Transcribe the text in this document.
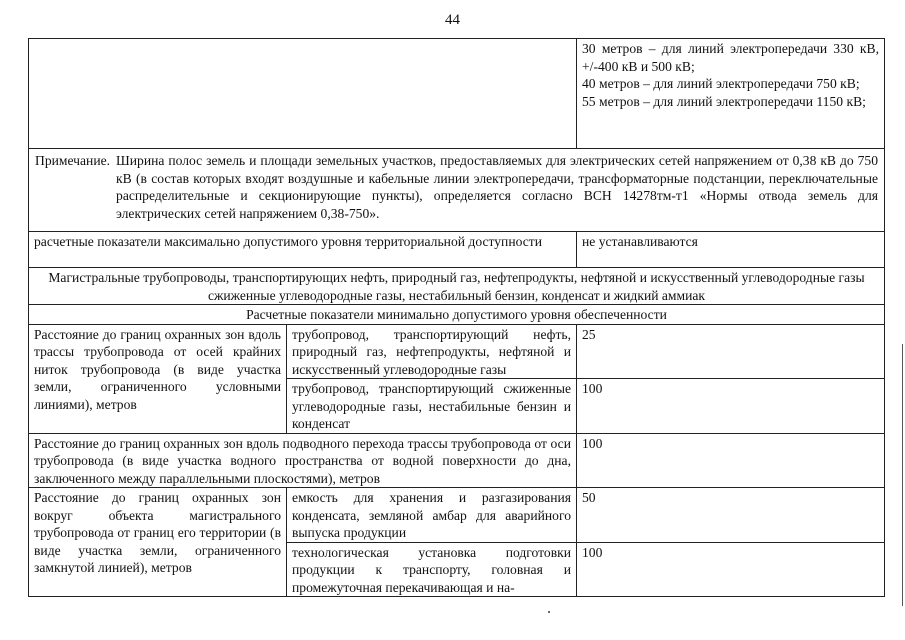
44

		30 метров – для линий электропередачи 330 кВ, +/-400 кВ и 500 кВ;
40 метров – для линий электропередачи 750 кВ;
55 метров – для линий электропередачи 1150 кВ;

Примечание. Ширина полос земель и площади земельных участков, предоставляемых для электрических сетей напряжением от 0,38 кВ до 750 кВ (в состав которых входят воздушные и кабельные линии электропередачи, трансформаторные подстанции, переключательные распределительные и секционирующие пункты), определяется согласно ВСН 14278тм-т1 «Нормы отвода земель для электрических сетей напряжением 0,38-750».		

расчетные показатели максимально допустимого уровня территориальной доступности		не устанавливаются
Магистральные трубопроводы, транспортирующих нефть, природный газ, нефтепродукты, нефтяной и искусственный углеводородные газы сжиженные углеводородные газы, нестабильный бензин, конденсат и жидкий аммиак		
Расчетные показатели минимально допустимого уровня обеспеченности		
Расстояние до границ охранных зон вдоль трассы трубопровода от осей крайних ниток трубопровода (в виде участка земли, ограниченного условными линиями), метров	трубопровод, транспортирующий нефть, природный газ, нефтепродукты, нефтяной и искусственный углеводородные газы	25
	трубопровод, транспортирующий сжиженные углеводородные газы, нестабильные бензин и конденсат	100
Расстояние до границ охранных зон вдоль подводного перехода трассы трубопровода от оси трубопровода (в виде участка водного пространства от водной поверхности до дна, заключенного между параллельными плоскостями), метров		100
Расстояние до границ охранных зон вокруг объекта магистрального трубопровода от границ его территории (в виде участка земли, ограниченного замкнутой линией), метров	емкость для хранения и разгазирования конденсата, земляной амбар для аварийного выпуска продукции	50
	технологическая установка подготовки продукции к транспорту, головная и промежуточная перекачивающая и на-	100
